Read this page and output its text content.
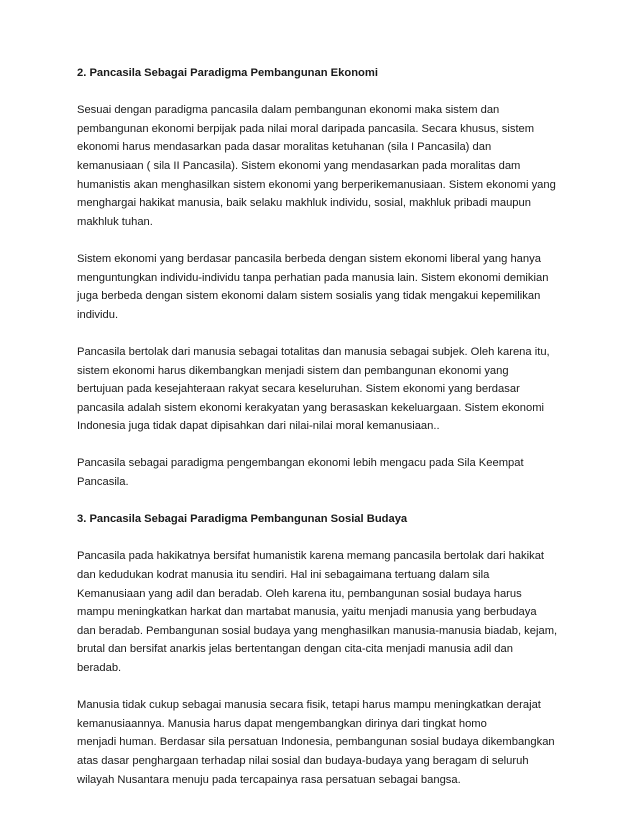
2. Pancasila Sebagai Paradigma Pembangunan Ekonomi

Sesuai dengan paradigma pancasila dalam pembangunan ekonomi maka sistem dan
pembangunan ekonomi berpijak pada nilai moral daripada pancasila. Secara khusus, sistem
ekonomi harus mendasarkan pada dasar moralitas ketuhanan (sila I Pancasila) dan
kemanusiaan ( sila II Pancasila). Sistem ekonomi yang mendasarkan pada moralitas dam
humanistis akan menghasilkan sistem ekonomi yang berperikemanusiaan. Sistem ekonomi yang
menghargai hakikat manusia, baik selaku makhluk individu, sosial, makhluk pribadi maupun
makhluk tuhan.

Sistem ekonomi yang berdasar pancasila berbeda dengan sistem ekonomi liberal yang hanya
menguntungkan individu-individu tanpa perhatian pada manusia lain. Sistem ekonomi demikian
juga berbeda dengan sistem ekonomi dalam sistem sosialis yang tidak mengakui kepemilikan
individu.

Pancasila bertolak dari manusia sebagai totalitas dan manusia sebagai subjek. Oleh karena itu,
sistem ekonomi harus dikembangkan menjadi sistem dan pembangunan ekonomi yang
bertujuan pada kesejahteraan rakyat secara keseluruhan. Sistem ekonomi yang berdasar
pancasila adalah sistem ekonomi kerakyatan yang berasaskan kekeluargaan. Sistem ekonomi
Indonesia juga tidak dapat dipisahkan dari nilai-nilai moral kemanusiaan..

Pancasila sebagai paradigma pengembangan ekonomi lebih mengacu pada Sila Keempat
Pancasila.

3. Pancasila Sebagai Paradigma Pembangunan Sosial Budaya

Pancasila pada hakikatnya bersifat humanistik karena memang pancasila bertolak dari hakikat
dan kedudukan kodrat manusia itu sendiri. Hal ini sebagaimana tertuang dalam sila
Kemanusiaan yang adil dan beradab. Oleh karena itu, pembangunan sosial budaya harus
mampu meningkatkan harkat dan martabat manusia, yaitu menjadi manusia yang berbudaya
dan beradab. Pembangunan sosial budaya yang menghasilkan manusia-manusia biadab, kejam,
brutal dan bersifat anarkis jelas bertentangan dengan cita-cita menjadi manusia adil dan
beradab.

Manusia tidak cukup sebagai manusia secara fisik, tetapi harus mampu meningkatkan derajat
kemanusiaannya. Manusia harus dapat mengembangkan dirinya dari tingkat homo
menjadi human. Berdasar sila persatuan Indonesia, pembangunan sosial budaya dikembangkan
atas dasar penghargaan terhadap nilai sosial dan budaya-budaya yang beragam di seluruh
wilayah Nusantara menuju pada tercapainya rasa persatuan sebagai bangsa.
